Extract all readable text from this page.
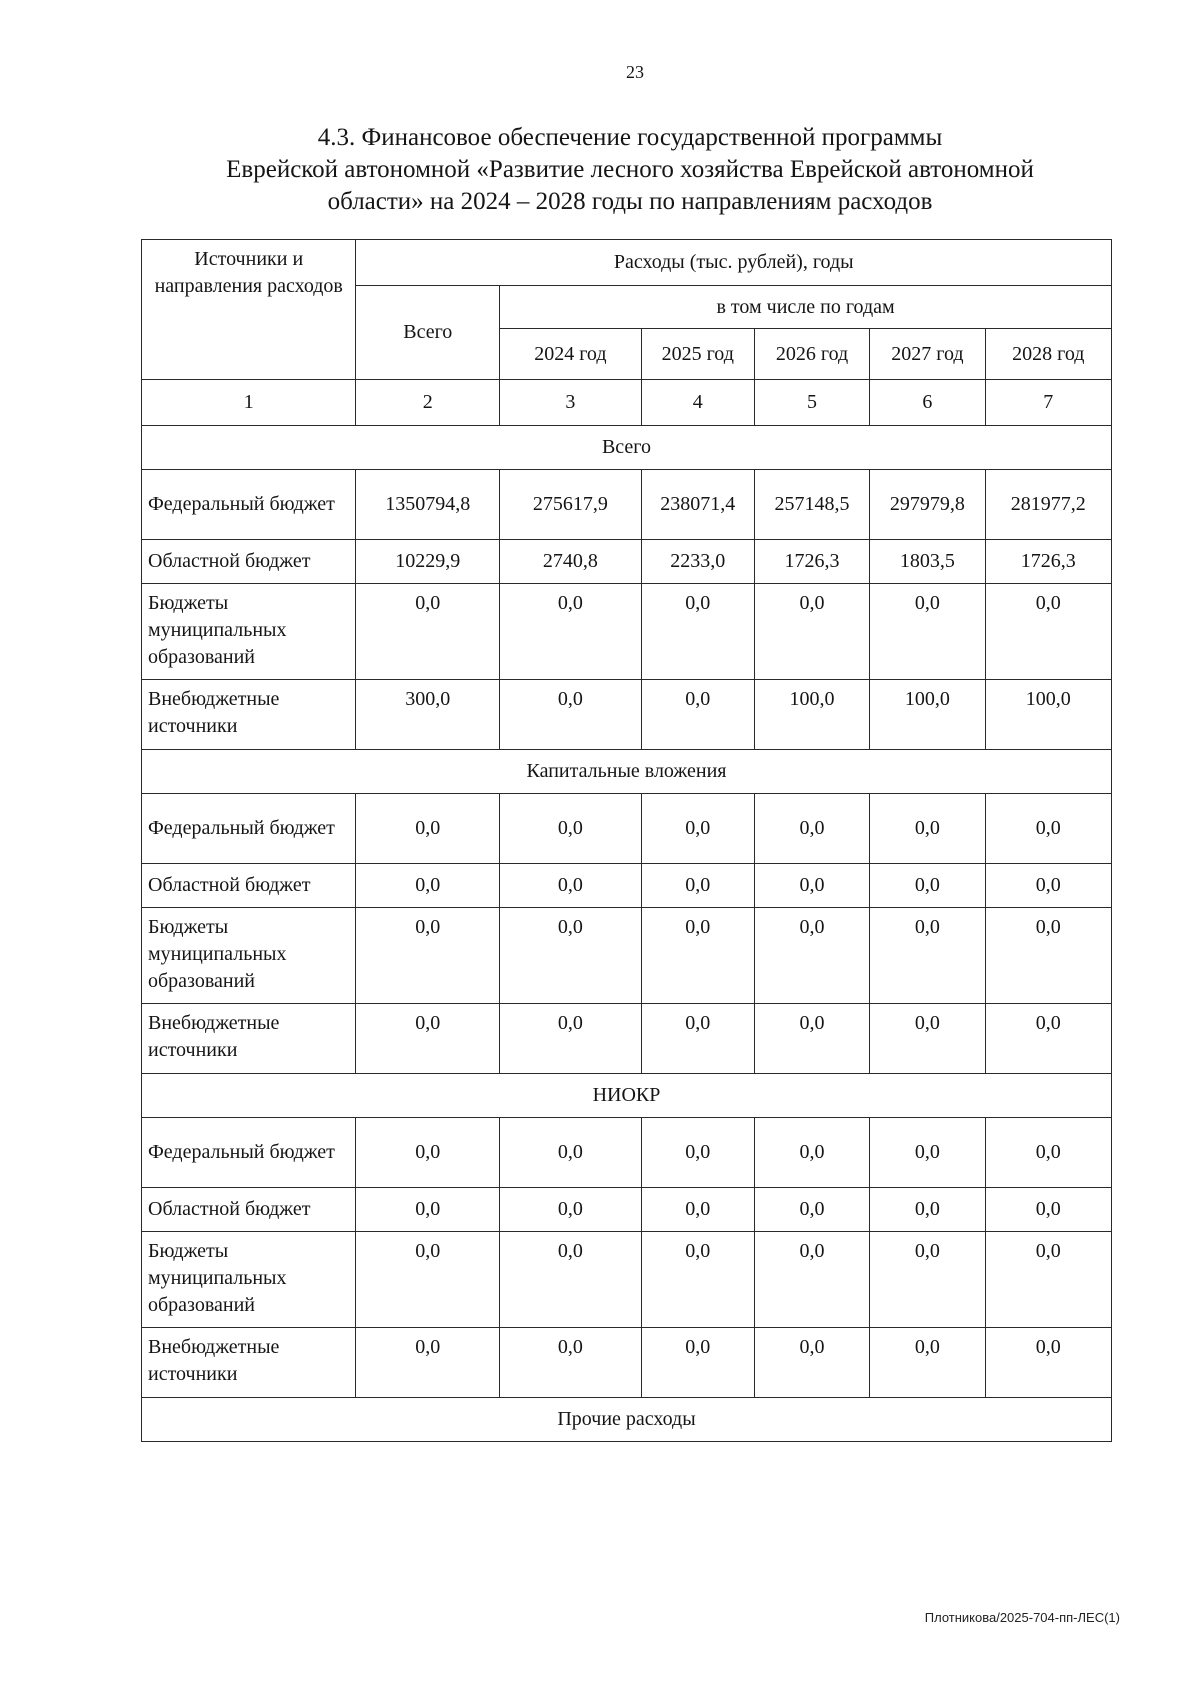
23
4.3. Финансовое обеспечение государственной программы
Еврейской автономной «Развитие лесного хозяйства Еврейской автономной
области» на 2024 – 2028 годы по направлениям расходов
Источники и направления расходов	Расходы (тыс. рублей), годы					
	Всего	в том числе по годам				
		2024 год	2025 год	2026 год	2027 год	2028 год
1	2	3	4	5	6	7
Всего						
Федеральный бюджет	1350794,8	275617,9	238071,4	257148,5	297979,8	281977,2
Областной бюджет	10229,9	2740,8	2233,0	1726,3	1803,5	1726,3
Бюджеты муниципальных образований	0,0	0,0	0,0	0,0	0,0	0,0
Внебюджетные источники	300,0	0,0	0,0	100,0	100,0	100,0
Капитальные вложения						
Федеральный бюджет	0,0	0,0	0,0	0,0	0,0	0,0
Областной бюджет	0,0	0,0	0,0	0,0	0,0	0,0
Бюджеты муниципальных образований	0,0	0,0	0,0	0,0	0,0	0,0
Внебюджетные источники	0,0	0,0	0,0	0,0	0,0	0,0
НИОКР						
Федеральный бюджет	0,0	0,0	0,0	0,0	0,0	0,0
Областной бюджет	0,0	0,0	0,0	0,0	0,0	0,0
Бюджеты муниципальных образований	0,0	0,0	0,0	0,0	0,0	0,0
Внебюджетные источники	0,0	0,0	0,0	0,0	0,0	0,0
Прочие расходы						
Плотникова/2025-704-пп-ЛЕС(1)
